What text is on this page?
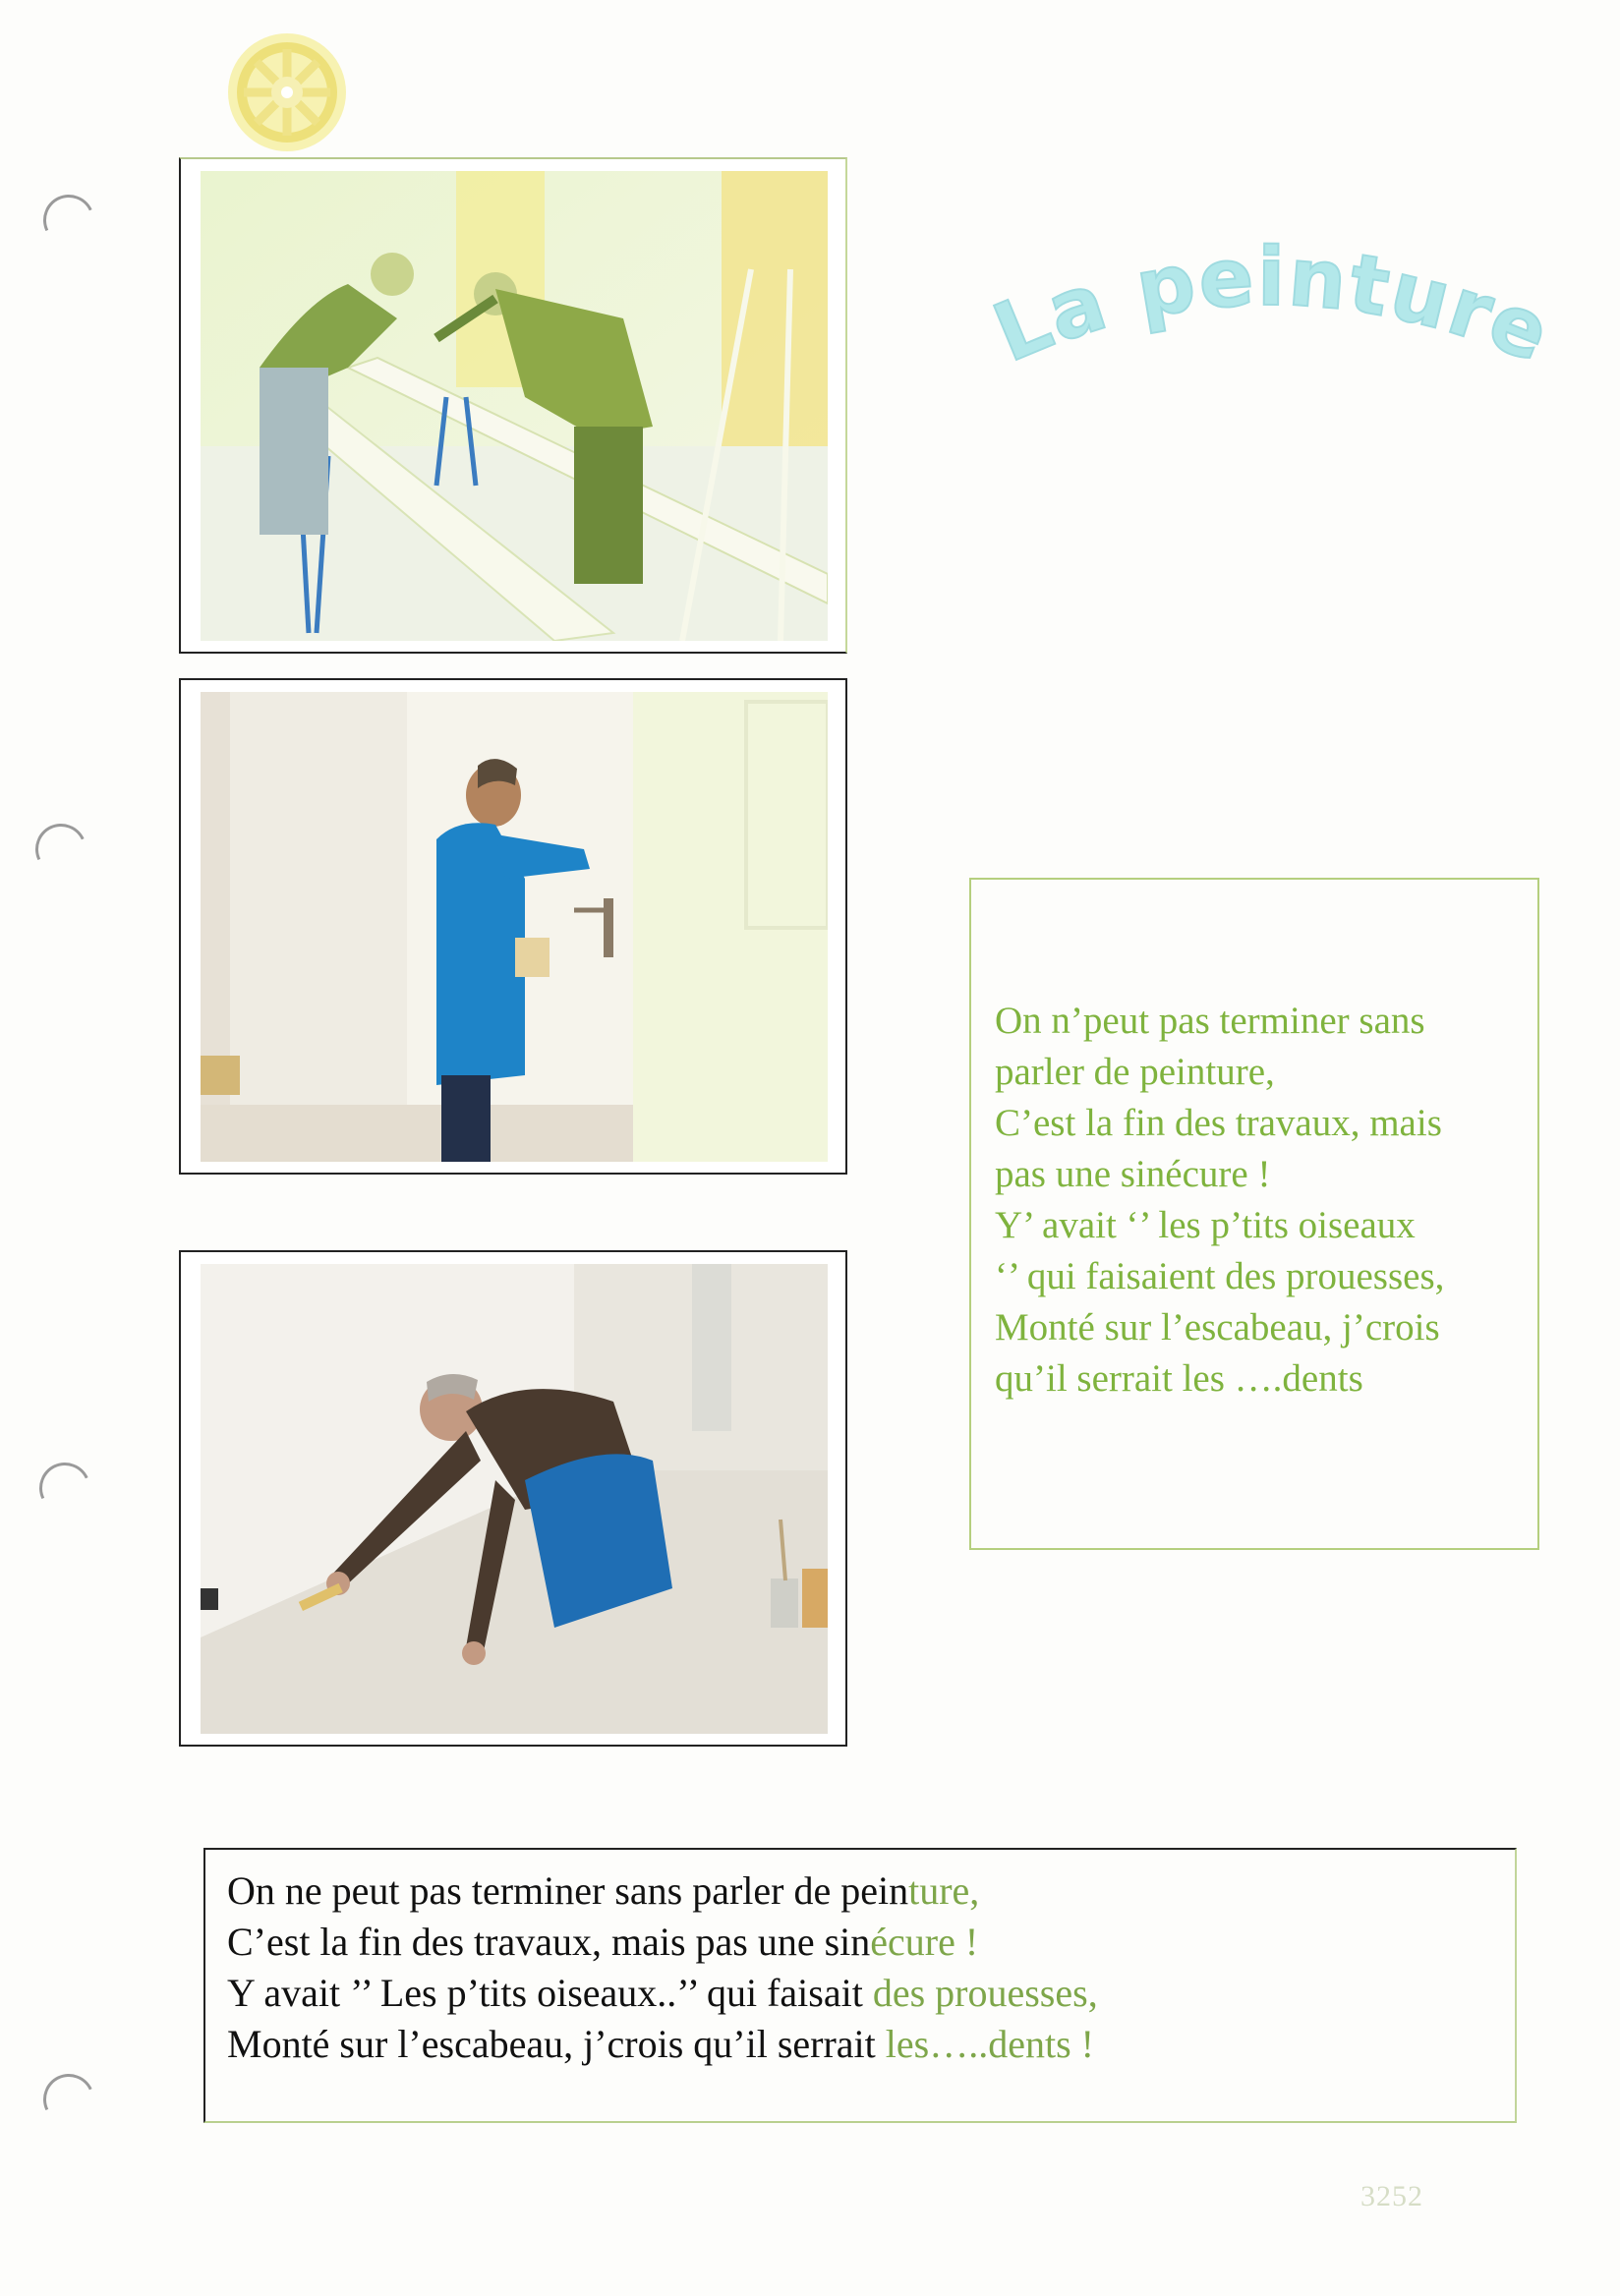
La peinture
On n’peut pas terminer sans
parler de peinture,
C’est la fin des travaux, mais
pas une sinécure !
Y’ avait ‘’ les p’tits oiseaux
‘’ qui faisaient des prouesses,
Monté sur l’escabeau, j’crois
qu’il serrait les ….dents
On ne peut pas terminer sans parler de peinture,
C’est la fin des travaux, mais pas une sinécure !
Y avait ’’ Les p’tits oiseaux..’’ qui faisait des prouesses,
Monté sur l’escabeau, j’crois qu’il serrait les…..dents !
3252
